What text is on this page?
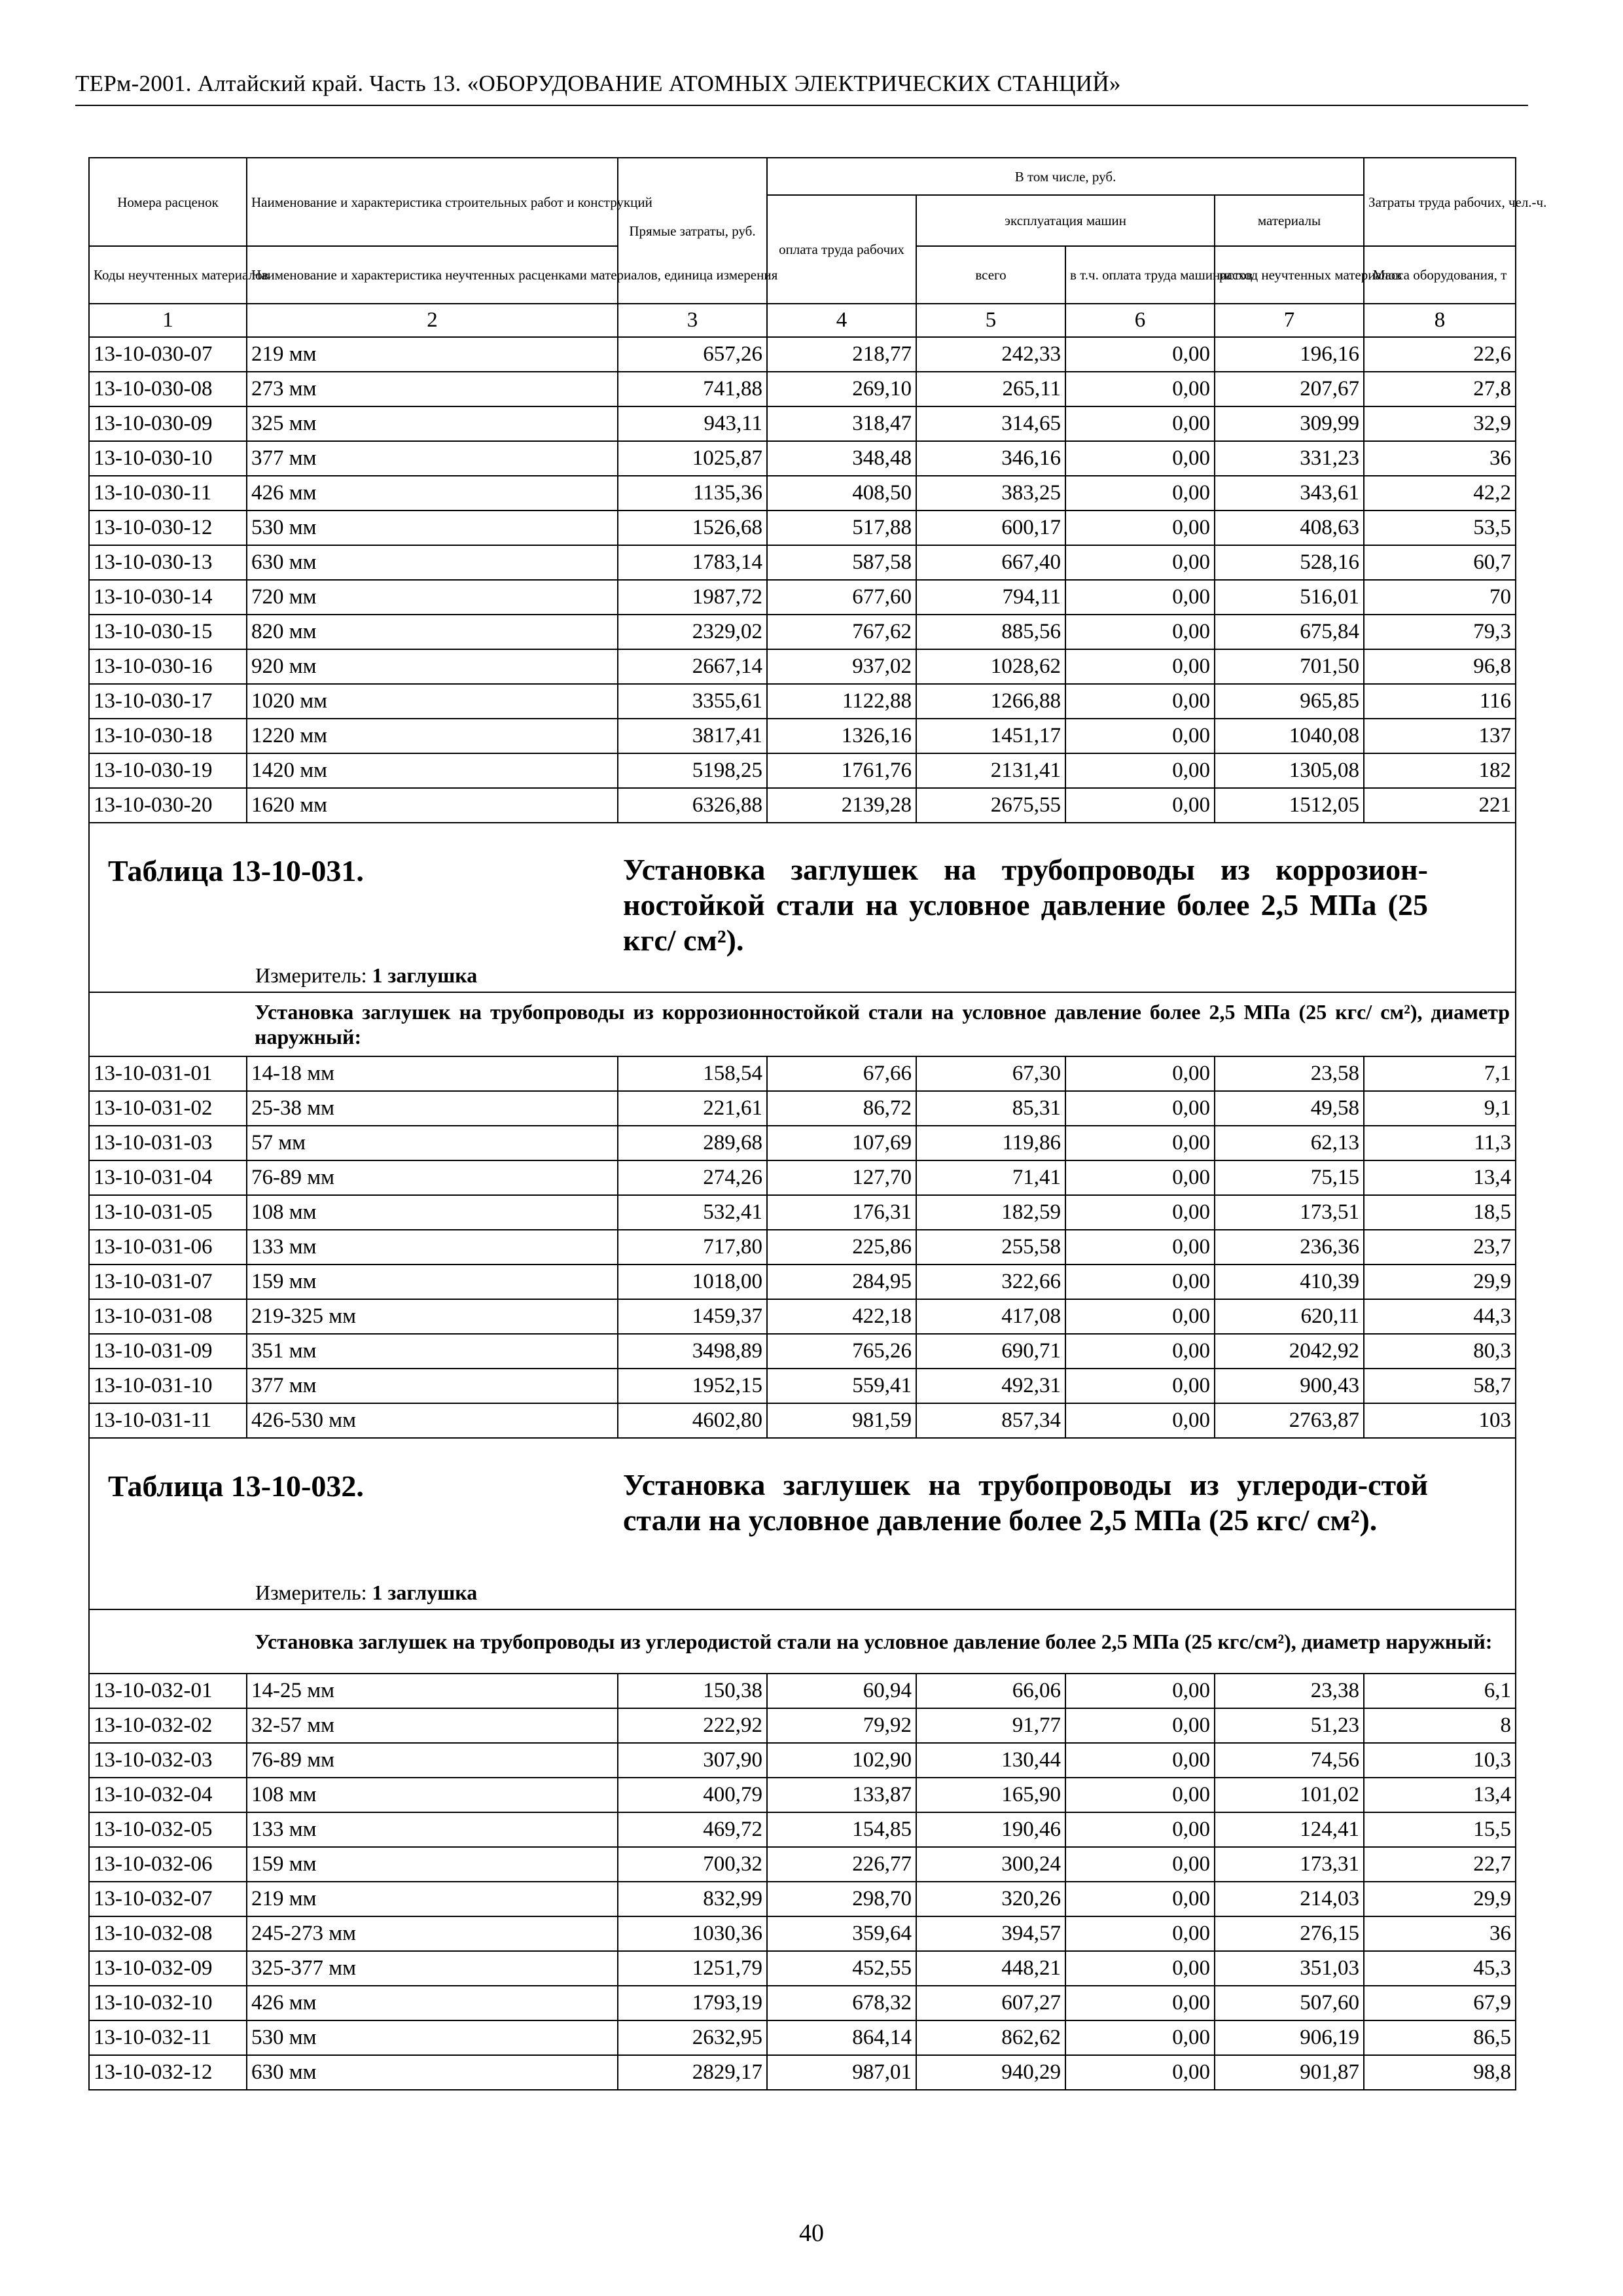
ТЕРм-2001. Алтайский край. Часть 13. «ОБОРУДОВАНИЕ АТОМНЫХ ЭЛЕКТРИЧЕСКИХ СТАНЦИЙ»
Номера расценок	Наименование и характеристика строительных работ и конструкций	Прямые затраты, руб.	В том числе, руб.				Затраты труда рабочих, чел.-ч.
			оплата труда рабочих	эксплуатация машин		материалы	
Коды неучтенных материалов	Наименование и характеристика неучтенных расценками материалов, единица измерения			всего	в т.ч. оплата труда машинистов	расход неучтенных материалов	Масса оборудования, т
1	2	3	4	5	6	7	8
13-10-030-07	219 мм	657,26	218,77	242,33	0,00	196,16	22,6
13-10-030-08	273 мм	741,88	269,10	265,11	0,00	207,67	27,8
13-10-030-09	325 мм	943,11	318,47	314,65	0,00	309,99	32,9
13-10-030-10	377 мм	1025,87	348,48	346,16	0,00	331,23	36
13-10-030-11	426 мм	1135,36	408,50	383,25	0,00	343,61	42,2
13-10-030-12	530 мм	1526,68	517,88	600,17	0,00	408,63	53,5
13-10-030-13	630 мм	1783,14	587,58	667,40	0,00	528,16	60,7
13-10-030-14	720 мм	1987,72	677,60	794,11	0,00	516,01	70
13-10-030-15	820 мм	2329,02	767,62	885,56	0,00	675,84	79,3
13-10-030-16	920 мм	2667,14	937,02	1028,62	0,00	701,50	96,8
13-10-030-17	1020 мм	3355,61	1122,88	1266,88	0,00	965,85	116
13-10-030-18	1220 мм	3817,41	1326,16	1451,17	0,00	1040,08	137
13-10-030-19	1420 мм	5198,25	1761,76	2131,41	0,00	1305,08	182
13-10-030-20	1620 мм	6326,88	2139,28	2675,55	0,00	1512,05	221

Таблица 13-10-031. Установка заглушек на трубопроводы из коррозион-ностойкой стали на условное давление более 2,5 МПа (25 кгс/ см²).
Измеритель: 1 заглушка							

Установка заглушек на трубопроводы из коррозионностойкой стали на условное давление более 2,5 МПа (25 кгс/ см²), диаметр наружный:							
13-10-031-01	14-18 мм	158,54	67,66	67,30	0,00	23,58	7,1
13-10-031-02	25-38 мм	221,61	86,72	85,31	0,00	49,58	9,1
13-10-031-03	57 мм	289,68	107,69	119,86	0,00	62,13	11,3
13-10-031-04	76-89 мм	274,26	127,70	71,41	0,00	75,15	13,4
13-10-031-05	108 мм	532,41	176,31	182,59	0,00	173,51	18,5
13-10-031-06	133 мм	717,80	225,86	255,58	0,00	236,36	23,7
13-10-031-07	159 мм	1018,00	284,95	322,66	0,00	410,39	29,9
13-10-031-08	219-325 мм	1459,37	422,18	417,08	0,00	620,11	44,3
13-10-031-09	351 мм	3498,89	765,26	690,71	0,00	2042,92	80,3
13-10-031-10	377 мм	1952,15	559,41	492,31	0,00	900,43	58,7
13-10-031-11	426-530 мм	4602,80	981,59	857,34	0,00	2763,87	103

Таблица 13-10-032. Установка заглушек на трубопроводы из углероди-стой стали на условное давление более 2,5 МПа (25 кгс/ см²).
Измеритель: 1 заглушка							

Установка заглушек на трубопроводы из углеродистой стали на условное давление более 2,5 МПа (25 кгс/см²), диаметр наружный:							
13-10-032-01	14-25 мм	150,38	60,94	66,06	0,00	23,38	6,1
13-10-032-02	32-57 мм	222,92	79,92	91,77	0,00	51,23	8
13-10-032-03	76-89 мм	307,90	102,90	130,44	0,00	74,56	10,3
13-10-032-04	108 мм	400,79	133,87	165,90	0,00	101,02	13,4
13-10-032-05	133 мм	469,72	154,85	190,46	0,00	124,41	15,5
13-10-032-06	159 мм	700,32	226,77	300,24	0,00	173,31	22,7
13-10-032-07	219 мм	832,99	298,70	320,26	0,00	214,03	29,9
13-10-032-08	245-273 мм	1030,36	359,64	394,57	0,00	276,15	36
13-10-032-09	325-377 мм	1251,79	452,55	448,21	0,00	351,03	45,3
13-10-032-10	426 мм	1793,19	678,32	607,27	0,00	507,60	67,9
13-10-032-11	530 мм	2632,95	864,14	862,62	0,00	906,19	86,5
13-10-032-12	630 мм	2829,17	987,01	940,29	0,00	901,87	98,8
40
